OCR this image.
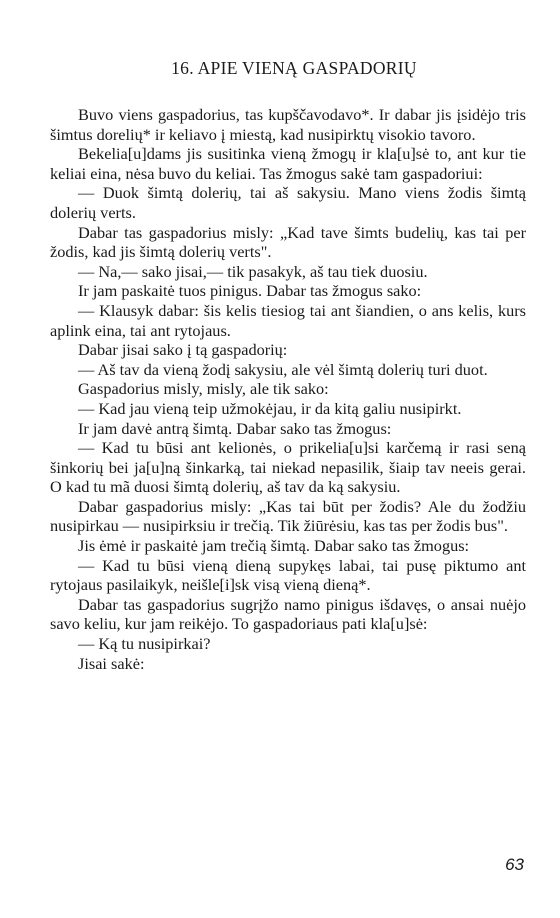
16. APIE VIENĄ GASPADORIŲ

Buvo viens gaspadorius, tas kupščavodavo*. Ir dabar jis įsidėjo tris šimtus dorelių* ir keliavo į miestą, kad nusipirktų visokio tavoro.

Bekelia[u]dams jis susitinka vieną žmogų ir kla[u]sė to, ant kur tie keliai eina, nėsa buvo du keliai. Tas žmogus sakė tam gaspadoriui:

— Duok šimtą dolerių, tai aš sakysiu. Mano viens žodis šimtą dolerių verts.

Dabar tas gaspadorius misly: „Kad tave šimts budelių, kas tai per žodis, kad jis šimtą dolerių verts".

— Na,— sako jisai,— tik pasakyk, aš tau tiek duosiu.

Ir jam paskaitė tuos pinigus. Dabar tas žmogus sako:

— Klausyk dabar: šis kelis tiesiog tai ant šiandien, o ans kelis, kurs aplink eina, tai ant rytojaus.

Dabar jisai sako į tą gaspadorių:

— Aš tav da vieną žodį sakysiu, ale vėl šimtą dolerių turi duot.

Gaspadorius misly, misly, ale tik sako:

— Kad jau vieną teip užmokėjau, ir da kitą galiu nusipirkt.

Ir jam davė antrą šimtą. Dabar sako tas žmogus:

— Kad tu būsi ant kelionės, o prikelia[u]si karčemą ir rasi seną šinkorių bei ja[u]ną šinkarką, tai niekad nepasilik, šiaip tav neeis gerai. O kad tu mã duosi šimtą dolerių, aš tav da ką sakysiu.

Dabar gaspadorius misly: „Kas tai būt per žodis? Ale du žodžiu nusipirkau — nusipirksiu ir trečią. Tik žiūrėsiu, kas tas per žodis bus".

Jis ėmė ir paskaitė jam trečią šimtą. Dabar sako tas žmogus:

— Kad tu būsi vieną dieną supykęs labai, tai pusę piktumo ant rytojaus pasilaikyk, neišle[i]sk visą vieną dieną*.

Dabar tas gaspadorius sugrįžo namo pinigus išdavęs, o ansai nuėjo savo keliu, kur jam reikėjo. To gaspadoriaus pati kla[u]sė:

— Ką tu nusipirkai?

Jisai sakė:

63
